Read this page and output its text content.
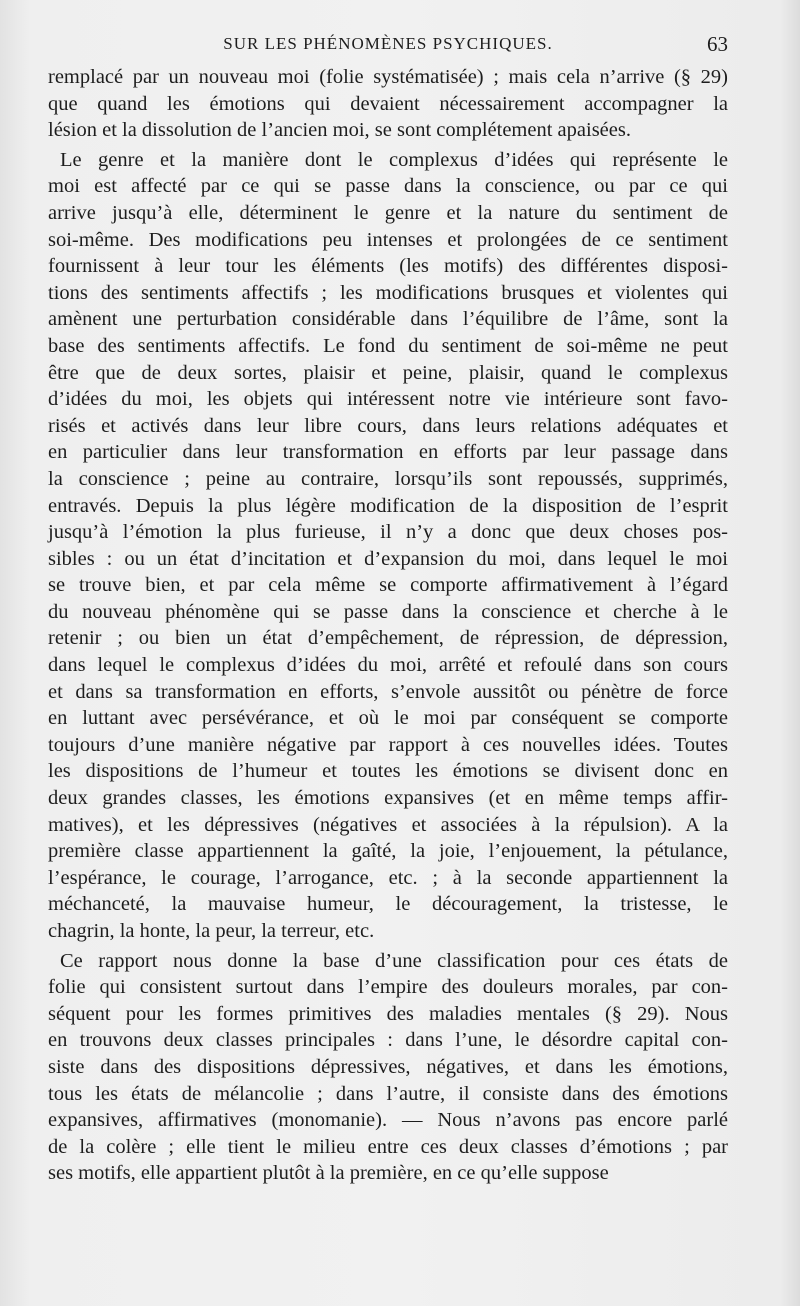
SUR LES PHÉNOMÈNES PSYCHIQUES.	63
remplacé par un nouveau moi (folie systématisée) ; mais cela n’arrive (§ 29)
que quand les émotions qui devaient nécessairement accompagner la
lésion et la dissolution de l’ancien moi, se sont complétement apaisées.
Le genre et la manière dont le complexus d’idées qui représente le
moi est affecté par ce qui se passe dans la conscience, ou par ce qui
arrive jusqu’à elle, déterminent le genre et la nature du sentiment de
soi-même. Des modifications peu intenses et prolongées de ce sentiment
fournissent à leur tour les éléments (les motifs) des différentes disposi-
tions des sentiments affectifs ; les modifications brusques et violentes qui
amènent une perturbation considérable dans l’équilibre de l’âme, sont la
base des sentiments affectifs. Le fond du sentiment de soi-même ne peut
être que de deux sortes, plaisir et peine, plaisir, quand le complexus
d’idées du moi, les objets qui intéressent notre vie intérieure sont favo-
risés et activés dans leur libre cours, dans leurs relations adéquates et
en particulier dans leur transformation en efforts par leur passage dans
la conscience ; peine au contraire, lorsqu’ils sont repoussés, supprimés,
entravés. Depuis la plus légère modification de la disposition de l’esprit
jusqu’à l’émotion la plus furieuse, il n’y a donc que deux choses pos-
sibles : ou un état d’incitation et d’expansion du moi, dans lequel le moi
se trouve bien, et par cela même se comporte affirmativement à l’égard
du nouveau phénomène qui se passe dans la conscience et cherche à le
retenir ; ou bien un état d’empêchement, de répression, de dépression,
dans lequel le complexus d’idées du moi, arrêté et refoulé dans son cours
et dans sa transformation en efforts, s’envole aussitôt ou pénètre de force
en luttant avec persévérance, et où le moi par conséquent se comporte
toujours d’une manière négative par rapport à ces nouvelles idées. Toutes
les dispositions de l’humeur et toutes les émotions se divisent donc en
deux grandes classes, les émotions expansives (et en même temps affir-
matives), et les dépressives (négatives et associées à la répulsion). A la
première classe appartiennent la gaîté, la joie, l’enjouement, la pétulance,
l’espérance, le courage, l’arrogance, etc. ; à la seconde appartiennent la
méchanceté, la mauvaise humeur, le découragement, la tristesse, le
chagrin, la honte, la peur, la terreur, etc.
Ce rapport nous donne la base d’une classification pour ces états de
folie qui consistent surtout dans l’empire des douleurs morales, par con-
séquent pour les formes primitives des maladies mentales (§ 29). Nous
en trouvons deux classes principales : dans l’une, le désordre capital con-
siste dans des dispositions dépressives, négatives, et dans les émotions,
tous les états de mélancolie ; dans l’autre, il consiste dans des émotions
expansives, affirmatives (monomanie). — Nous n’avons pas encore parlé
de la colère ; elle tient le milieu entre ces deux classes d’émotions ; par
ses motifs, elle appartient plutôt à la première, en ce qu’elle suppose
